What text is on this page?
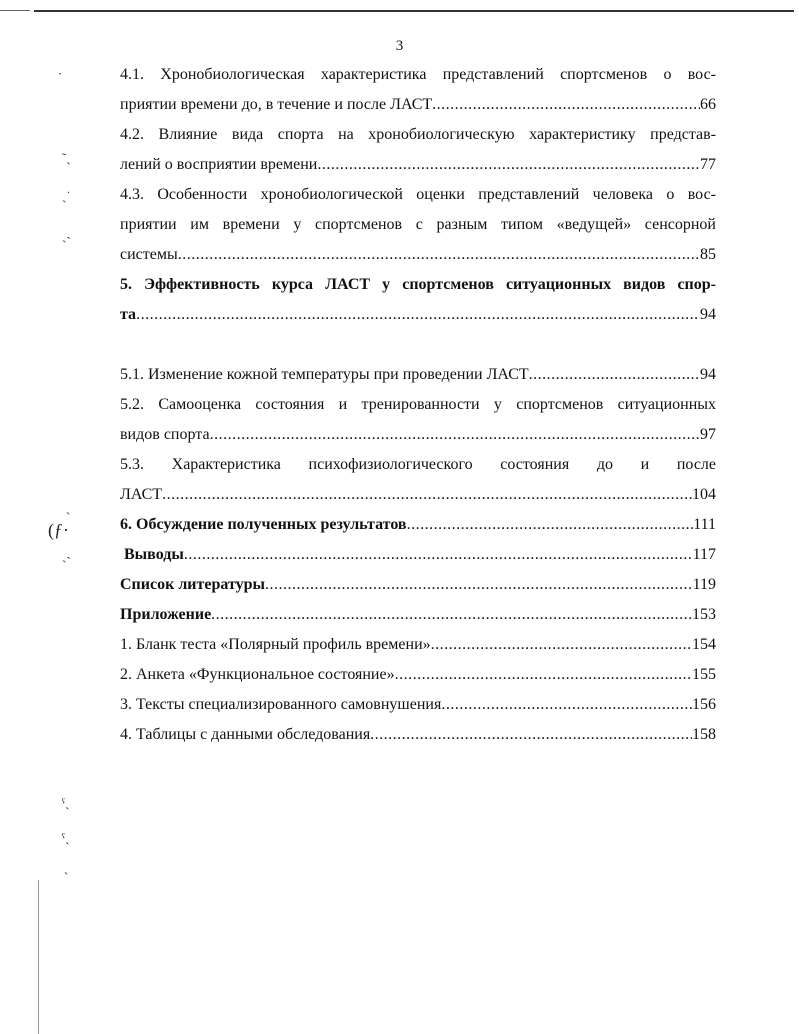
·
˜ˎ
ˎ˙
ˏ˴
ˏ
(ƒ·
ˎ˴
ˁˎ
ˁˏ
ˎ
3
4.1. Хронобиологическая характеристика представлений спортсменов о вос-
приятии времени до, в течение и после ЛАСТ .....	66
4.2. Влияние вида спорта на хронобиологическую характеристику представ-
лений о восприятии времени .....	77
4.3. Особенности хронобиологической оценки представлений человека о вос-
приятии им времени у спортсменов с разным типом «ведущей» сенсорной
системы .....	85
5. Эффективность курса ЛАСТ у спортсменов ситуационных видов спор-
та .....	94
5.1. Изменение кожной температуры при проведении ЛАСТ .....	94
5.2. Самооценка состояния и тренированности у спортсменов ситуационных
видов спорта .....	97
5.3. Характеристика психофизиологического состояния до и после
ЛАСТ .....	104
6. Обсуждение полученных результатов .....	111
Выводы .....	117
Список литературы .....	119
Приложение .....	153
1. Бланк теста «Полярный профиль времени» .....	154
2. Анкета «Функциональное состояние» .....	155
3. Тексты специализированного самовнушения .....	156
4. Таблицы с данными обследования .....	158
